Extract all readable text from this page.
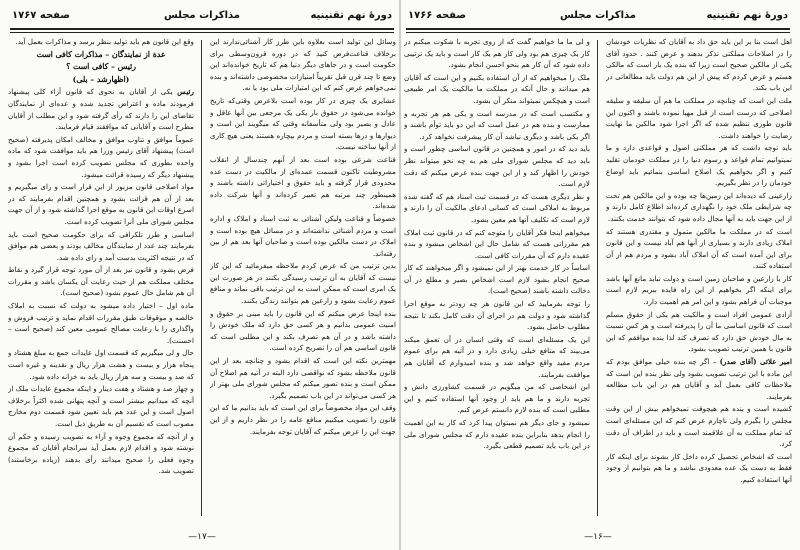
دورهٔ نهم تقنینیه
مذاکرات مجلس
صفحه ۱۷۶۷

وسائل این تولید است بعلاوه باین طرز کار آشنائی‌ندارند این برخلاف قناعت‌فرض کنید که در دوره قرون‌وسطی‌ برای حکومت است و در جاهای دیگر دنیا هم که تاریخ خوانده‌اند این وضع تا چند قرن قبل تقریباً امتیازات مخصوصی داشته‌اند و بنده نمی‌خواهم عرض کنم که این امتیازات ملی بود یا نه.

عشایری یک چیزی در کار بوده است بلاعرض وقتی‌که تاریخ خوانده می‌شود در حقوق بار یکی یک مرجعی بین آنها عاقل و عادل و بصیر بود ولی متأسفانه وقتی که میگویند این است و دیوارها و درها بسته است و مردم بیچاره هستند یعنی هیچ کاری از آنها ساخته نیست.

قناعت شرعی بوده است بعد از آنهم چندسال از انقلاب مشروطیت تاکنون قسمت عمده‌ای از مالکیت در دست عده محدودی قرار گرفته و باید حقوق و اختیاراتی داشته باشند و همینطور چند مرتبه هم تعبیر کرده‌اند و آنها شرکت داده شده‌اند.

خصوصاً و قناعت ولیکن آشنائی به ثبت اسناد و املاک و اداره است و مردم آشنائی نداشته‌اند و در مسائل هیچ بوده است و املاک در دست مالکین بوده است و صاحبان آنها بعد هم از بین رفته‌اند.

بدین ترتیب من که عرض کردم ملاحظه میفرمائید که این کار نیست که آقایان به آن ترتیب رسیدگی بکنند در هر صورت این یک امری است که ممکن است به این ترتیب باقی نماند و منافع عموم رعایت بشود و زارعین هم بتوانند زندگی بکنند.

بنده اینجا عرض میکنم که این قانون را باید مبنی بر حقوق و امنیت عمومی بدانیم و هر کسی حق دارد که ملک خودش را داشته باشد و در آن هم تصرف بکند و این مطلبی است که قانون اساسی هم آن را تصریح کرده است.

مهمترین نکته این است که اقدام بشود و چنانچه بعد از این قانون ملاحظه بشود که نواقصی دارد البته در آتیه هم اصلاح آن ممکن است و بنده تصور میکنم که مجلس شورای ملی بهتر از هر کسی می‌تواند در این باب تصمیم بگیرد.

وقف این مواد مخصوصاً برای این است که باید بدانیم ما که این قانون را تصویب میکنیم منافع عامه را در نظر داریم و از این جهت این را عرض میکنم که آقایان توجه بفرمایند.

وقع این قانون هم باید تولید بنظر برسد و مذاکرات بعمل آید.

عدة از نمایندگان – مذاکرات کافی است

رئیس – کافی است ؟

(اظهارشد – بلی)

رئیس یکی از آقایان به نحوی که قانون آراء کلی پیشنهاد فرمودند ماده و اعتراض تجدید شده و عده‌ای از نمایندگان تقاضای این را دارند که رأی گرفته شود و این مطلب از آقایان مطرح است و آقایانی که موافقند قیام فرمایند.

عموماً موافق و تناوب موافق و مخالف امکان پذیرفته (صحیح است) پیشنهاد آقای رئیس وزرا هم باید موافقت شود که ماده واحده بطوری که مجلس تصویب کرده است اجرا بشود و پیشنهاد دیگر که رسیده قرائت میشود.

مواد اصلاحی قانون مزبور از این قرار است و رای میگیریم و بعد از آن هم قرائت بشود و همچنین اقدام بفرمایند که در اسرع اوقات این قانون به موقع اجرا گذاشته شود و از آن جهت مجلس شورای ملی آنرا تصویب کرده است.

اساسی و طرز تلکرافی که برای حکومت صحیح است باید بفرمایند چند عدد از نمایندگان مخالف بودند و بعضی هم موافق که در نتیجه اکثریت بدست آمد و رای داده شد.

فرض بشود و قانون نیز بعد از آن مورد توجه قرار گیرد و نقاط مختلف مملکت هم از حیث رعایت آن یکسان باشد و مقررات آن هم شامل حال عموم بشود (صحیح است).

ماده اول – اختیار داده میشود به دولت که نسبت به املاک خالصه و موقوفات طبق مقررات اقدام نماید و ترتیب فروش و واگذاری را با رعایت مصالح عمومی معین کند (صحیح است – احسنت).

حال و لی میگیریم که قسمت اول عایدات جمع به مبلغ هشتاد و پنجاه هزار و بیست و هشت هزار ریال و نقدینه و غیره است که صد و بیست و سه هزار ریال باید به خزانه داده شود.

و چهار صد و هشتاد و هفت دینار و اینکه مجموع عایدات ملک از آنچه که میدانیم بیشتر است و آنچه پنهانی شده اکثراً برخلاف اصول است و این عدد هم باید تعیین شود قسمت دوم مخارج مصوب است که تقسیم آن به طریق ذیل است.

و از آنچه که مجموع وجوه و آراء به تصویب رسیده و حکم آن نوشته شود و اقدام لازم بعمل آید سرانجام آقایان که مجموع وجوه فعلی را صحیح میدانند رأی بدهند (زیاده برخاستند) تصویب شد.

—۱۷—
دورهٔ نهم تقنینیه
مذاکرات مجلس
صفحه ۱۷۶۶

اهل است بنا بر این باید حق داد به آقایان که نظریات خودشان را در اصلاحات مملکتی تذکر بدهند و عرض کنند . حدود آقای یکی از مالکین صحیح است زیرا که بنده یک بار است که مالکی هستم و عرض کردم که پیش از این هم دولت باید مطالعاتی در این باب بکند.

ملت این است که چنانچه در مملکت ما هم آن سلیقه و سلیقه اصلاحی که درست است از قبل مهیا نموده باشند و اکنون این قانون طوری تنظیم شده که اگر اجرا شود مالکین ما نهایت رضایت را خواهند داشت.

باید توجه داشت که هر مملکتی اصول و قواعدی دارد و ما نمیتوانیم تمام قواعد و رسوم دنیا را در مملکت خودمان تقلید کنیم و اگر بخواهیم یک اصلاح اساسی بنمائیم باید اوضاع خودمان را در نظر بگیریم.

زارعینی که دیده‌اند این زمین‌ها چه بوده و این مالکین هم تحت چه شرایطی ملک خود را نگهداری کرده‌اند اطلاع کامل دارند و از این جهت باید به آنها مجال داده شود که بتوانند خدمت بکنند.

است که در مملکت ما مالکین متمول و مقتدری هستند که املاک زیادی دارند و بسیاری از آنها هم آباد نیست و این قانون برای این آمده است که آن املاک آباد بشود و مردم هم از آن استفاده کنند.

کار با زارعین و صاحبان زمین است و دولت نباید مانع آنها باشد برای اینکه اگر بخواهیم از این راه فایده ببریم لازم است موجبات آن فراهم بشود و این امر هم اهمیت دارد.

آزادی عمومی افراد است و مالکیت هم یکی از حقوق مسلم است که قانون اساسی ما آن را پذیرفته است و هر کس نسبت به مال خودش حق دارد که تصرف کند لذا بنده موافقم که این قانون با همین ترتیب تصویب بشود.

امیر علائی (آقای صدر) – اگر چه بنده خیلی موافق بودم که این ماده با این ترتیب تصویب بشود ولی نظر بنده این است که ملاحظات کافی بعمل آید و آقایان هم در این باب مطالعه بفرمایند.

کشیده است و بنده هم هیچوقت نمیخواهم بیش از این وقت مجلس را بگیرم ولی ناچارم عرض کنم که این مسئله‌ای است که تمام مملکت به آن علاقمند است و باید در اطراف آن دقت کرد.

است که اشخاص تحصیل کرده داخل کار بشوند برای اینکه کار فقط به دست یک عده معدودی نباشد و ما هم بتوانیم از وجود آنها استفاده کنیم.

و لی ما ما خواهیم گفت که از روی تجربه با شکوت میکنم در کار یک چیزی هم بود ولی کار هم یک کار است و باید یک ترتیبی داده شود که آن کار هم بنحو احسن انجام بشود.

ملک را میخواهیم که از آن استفاده بکنیم و این است که آقایان هم میدانند و حال آنکه در مملکت ما مالکیت یک امر طبیعی است و هیچکس نمیتواند منکر آن بشود.

و مکتسب است که در مدرسه است و یکی هم هر تجربه و ممارست و بنده هم در عمل است که این دو باید توأم باشند و اگر یکی باشد و دیگری نباشد آن کار پیشرفت نخواهد کرد.

باید دید که در امور و همچنین در قانون اساسی چطور است و باید دید که مجلس شورای ملی هم به چه نحو میتواند نظر خودش را اظهار کند و از این جهت بنده عرض میکنم که دقت لازم است.

و نظر دیگری هست که در قسمت ثبت اسناد هم که گفته شده مربوط به املاکی است که کسانی ادعای مالکیت آن را دارند و لازم است که تکلیف آنها هم معین بشود.

میخواهم اینجا فکر آقایان را متوجه کنم که در قانون ثبت املاک هم مقرراتی هست که شامل حال این اشخاص میشود و بنده عقیده دارم که آن مقررات کافی است.

اساساً در کار خدمت بهتر از این نمیشود و اگر میخواهند که کار صحیح انجام بشود لازم است اشخاص بصیر و مطلع در آن دخالت داشته باشند (صحیح است).

را توجه بفرمایید که این قانون هر چه زودتر به موقع اجرا گذاشته شود و دولت هم در اجرای آن دقت کامل بکند تا نتیجه مطلوب حاصل بشود.

این یک مسئله‌ای است که وقتی انسان در آن تعمق میکند می‌بیند که منافع خیلی زیادی دارد و در آتیه هم برای عموم مردم مفید واقع خواهد شد و بنده امیدوارم که آقایان هم موافقت بفرمایند.

این اشخاصی که من میگویم در قسمت کشاورزی دانش و تجربه دارند و ما هم باید از وجود آنها استفاده کنیم و این مطلبی است که بنده لازم دانستم عرض کنم.

نمیشود و جای دیگر هم نمیتوان پیدا کرد که کار به این اهمیت را انجام بدهد بنابراین بنده عقیده دارم که مجلس شورای ملی در این باب باید تصمیم قطعی بگیرد.

—۱۶—
